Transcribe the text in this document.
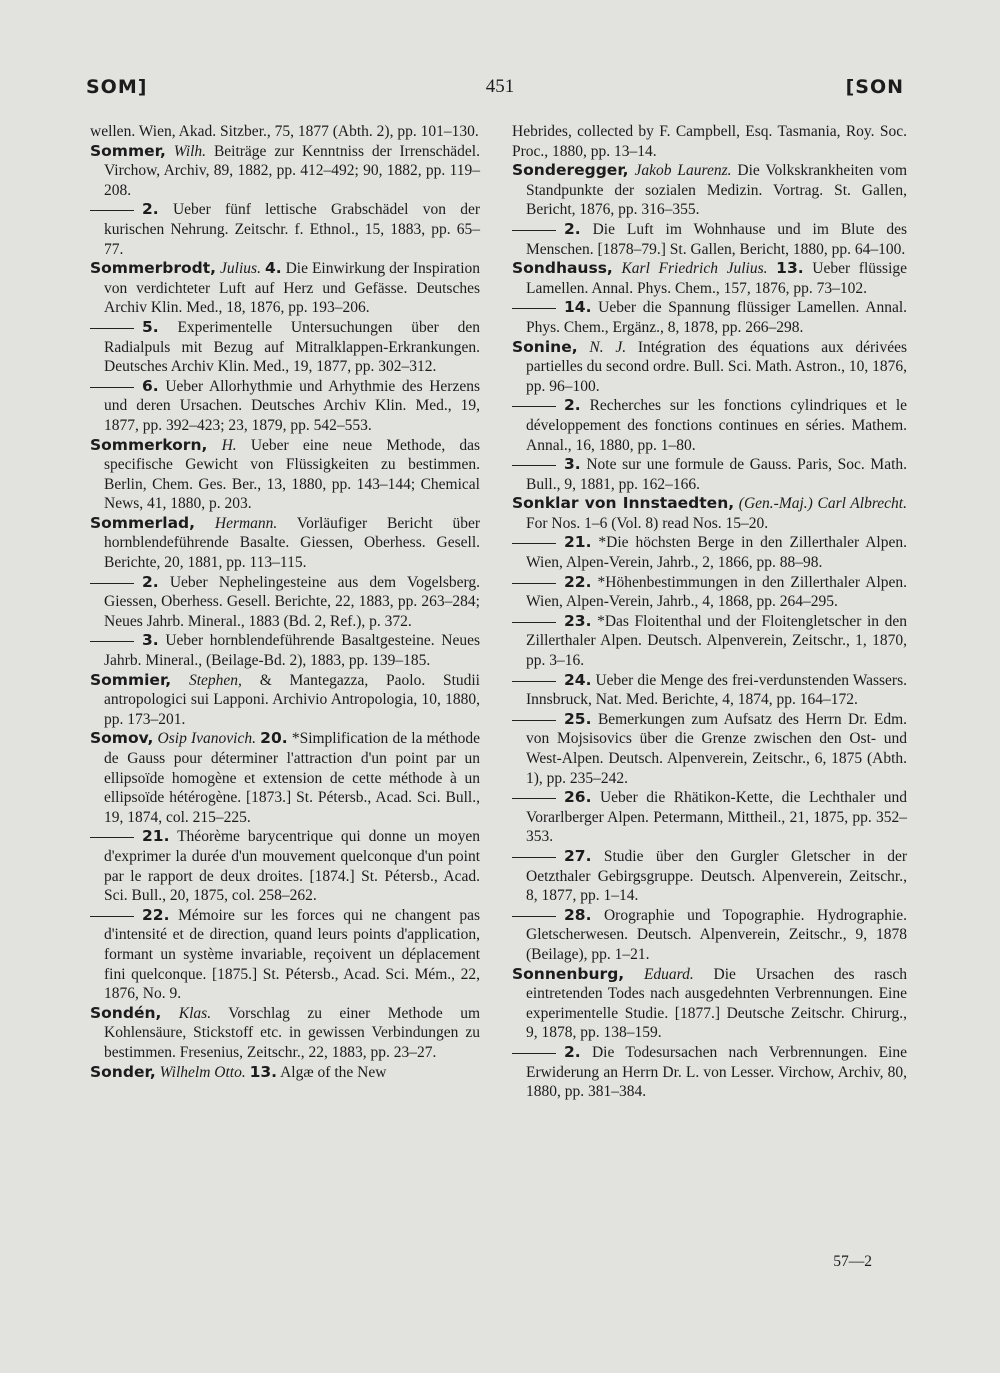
SOM]	451	[SON

wellen. Wien, Akad. Sitzber., 75, 1877 (Abth. 2), pp. 101–130.

Sommer, Wilh. Beiträge zur Kenntniss der Irrenschädel. Virchow, Archiv, 89, 1882, pp. 412–492; 90, 1882, pp. 119–208.

2. Ueber fünf lettische Grabschädel von der kurischen Nehrung. Zeitschr. f. Ethnol., 15, 1883, pp. 65–77.

Sommerbrodt, Julius. 4. Die Einwirkung der Inspiration von verdichteter Luft auf Herz und Gefässe. Deutsches Archiv Klin. Med., 18, 1876, pp. 193–206.

5. Experimentelle Untersuchungen über den Radialpuls mit Bezug auf Mitralklappen-Erkrankungen. Deutsches Archiv Klin. Med., 19, 1877, pp. 302–312.

6. Ueber Allorhythmie und Arhythmie des Herzens und deren Ursachen. Deutsches Archiv Klin. Med., 19, 1877, pp. 392–423; 23, 1879, pp. 542–553.

Sommerkorn, H. Ueber eine neue Methode, das specifische Gewicht von Flüssigkeiten zu bestimmen. Berlin, Chem. Ges. Ber., 13, 1880, pp. 143–144; Chemical News, 41, 1880, p. 203.

Sommerlad, Hermann. Vorläufiger Bericht über hornblendeführende Basalte. Giessen, Oberhess. Gesell. Berichte, 20, 1881, pp. 113–115.

2. Ueber Nephelingesteine aus dem Vogelsberg. Giessen, Oberhess. Gesell. Berichte, 22, 1883, pp. 263–284; Neues Jahrb. Mineral., 1883 (Bd. 2, Ref.), p. 372.

3. Ueber hornblendeführende Basaltgesteine. Neues Jahrb. Mineral., (Beilage-Bd. 2), 1883, pp. 139–185.

Sommier, Stephen, & Mantegazza, Paolo. Studii antropologici sui Lapponi. Archivio Antropologia, 10, 1880, pp. 173–201.

Somov, Osip Ivanovich. 20. *Simplification de la méthode de Gauss pour déterminer l'attraction d'un point par un ellipsoïde homogène et extension de cette méthode à un ellipsoïde hétérogène. [1873.] St. Pétersb., Acad. Sci. Bull., 19, 1874, col. 215–225.

21. Théorème barycentrique qui donne un moyen d'exprimer la durée d'un mouvement quelconque d'un point par le rapport de deux droites. [1874.] St. Pétersb., Acad. Sci. Bull., 20, 1875, col. 258–262.

22. Mémoire sur les forces qui ne changent pas d'intensité et de direction, quand leurs points d'application, formant un système invariable, reçoivent un déplacement fini quelconque. [1875.] St. Pétersb., Acad. Sci. Mém., 22, 1876, No. 9.

Sondén, Klas. Vorschlag zu einer Methode um Kohlensäure, Stickstoff etc. in gewissen Verbindungen zu bestimmen. Fresenius, Zeitschr., 22, 1883, pp. 23–27.

Sonder, Wilhelm Otto. 13. Algæ of the New

Hebrides, collected by F. Campbell, Esq. Tasmania, Roy. Soc. Proc., 1880, pp. 13–14.

Sonderegger, Jakob Laurenz. Die Volkskrankheiten vom Standpunkte der sozialen Medizin. Vortrag. St. Gallen, Bericht, 1876, pp. 316–355.

2. Die Luft im Wohnhause und im Blute des Menschen. [1878–79.] St. Gallen, Bericht, 1880, pp. 64–100.

Sondhauss, Karl Friedrich Julius. 13. Ueber flüssige Lamellen. Annal. Phys. Chem., 157, 1876, pp. 73–102.

14. Ueber die Spannung flüssiger Lamellen. Annal. Phys. Chem., Ergänz., 8, 1878, pp. 266–298.

Sonine, N. J. Intégration des équations aux dérivées partielles du second ordre. Bull. Sci. Math. Astron., 10, 1876, pp. 96–100.

2. Recherches sur les fonctions cylindriques et le développement des fonctions continues en séries. Mathem. Annal., 16, 1880, pp. 1–80.

3. Note sur une formule de Gauss. Paris, Soc. Math. Bull., 9, 1881, pp. 162–166.

Sonklar von Innstaedten, (Gen.-Maj.) Carl Albrecht. For Nos. 1–6 (Vol. 8) read Nos. 15–20.

21. *Die höchsten Berge in den Zillerthaler Alpen. Wien, Alpen-Verein, Jahrb., 2, 1866, pp. 88–98.

22. *Höhenbestimmungen in den Zillerthaler Alpen. Wien, Alpen-Verein, Jahrb., 4, 1868, pp. 264–295.

23. *Das Floitenthal und der Floitengletscher in den Zillerthaler Alpen. Deutsch. Alpenverein, Zeitschr., 1, 1870, pp. 3–16.

24. Ueber die Menge des frei-verdunstenden Wassers. Innsbruck, Nat. Med. Berichte, 4, 1874, pp. 164–172.

25. Bemerkungen zum Aufsatz des Herrn Dr. Edm. von Mojsisovics über die Grenze zwischen den Ost- und West-Alpen. Deutsch. Alpenverein, Zeitschr., 6, 1875 (Abth. 1), pp. 235–242.

26. Ueber die Rhätikon-Kette, die Lechthaler und Vorarlberger Alpen. Petermann, Mittheil., 21, 1875, pp. 352–353.

27. Studie über den Gurgler Gletscher in der Oetzthaler Gebirgsgruppe. Deutsch. Alpenverein, Zeitschr., 8, 1877, pp. 1–14.

28. Orographie und Topographie. Hydrographie. Gletscherwesen. Deutsch. Alpenverein, Zeitschr., 9, 1878 (Beilage), pp. 1–21.

Sonnenburg, Eduard. Die Ursachen des rasch eintretenden Todes nach ausgedehnten Verbrennungen. Eine experimentelle Studie. [1877.] Deutsche Zeitschr. Chirurg., 9, 1878, pp. 138–159.

2. Die Todesursachen nach Verbrennungen. Eine Erwiderung an Herrn Dr. L. von Lesser. Virchow, Archiv, 80, 1880, pp. 381–384.

57—2
